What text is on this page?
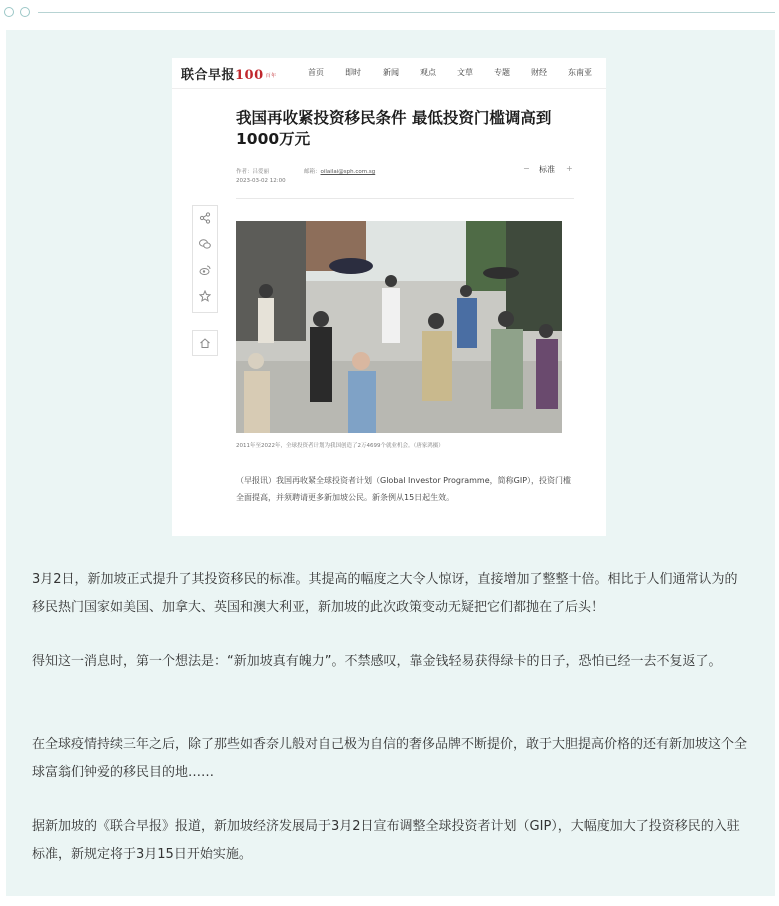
联合早报100 百年	首页	即时	新闻	观点	文草	专题	财经	东南亚
我国再收紧投资移民条件 最低投资门槛调高到1000万元
作者：吕爱丽	邮箱：oilailai@sph.com.sg
2023-03-02 12:00
− 标准 +
2011年至2022年，全球投资者计划为我国创造了2万4699个就业机会。（唐家鸿摄）
（早报讯）我国再收紧全球投资者计划（Global Investor Programme，简称GIP），投资门槛全面提高，并须聘请更多新加坡公民。新条例从15日起生效。
3月2日，新加坡正式提升了其投资移民的标准。其提高的幅度之大令人惊讶，直接增加了整整十倍。相比于人们通常认为的移民热门国家如美国、加拿大、英国和澳大利亚，新加坡的此次政策变动无疑把它们都抛在了后头！
得知这一消息时，第一个想法是：“新加坡真有魄力”。不禁感叹，靠金钱轻易获得绿卡的日子，恐怕已经一去不复返了。
在全球疫情持续三年之后，除了那些如香奈儿般对自己极为自信的奢侈品牌不断提价，敢于大胆提高价格的还有新加坡这个全球富翁们钟爱的移民目的地……
据新加坡的《联合早报》报道，新加坡经济发展局于3月2日宣布调整全球投资者计划（GIP），大幅度加大了投资移民的入驻标准，新规定将于3月15日开始实施。
